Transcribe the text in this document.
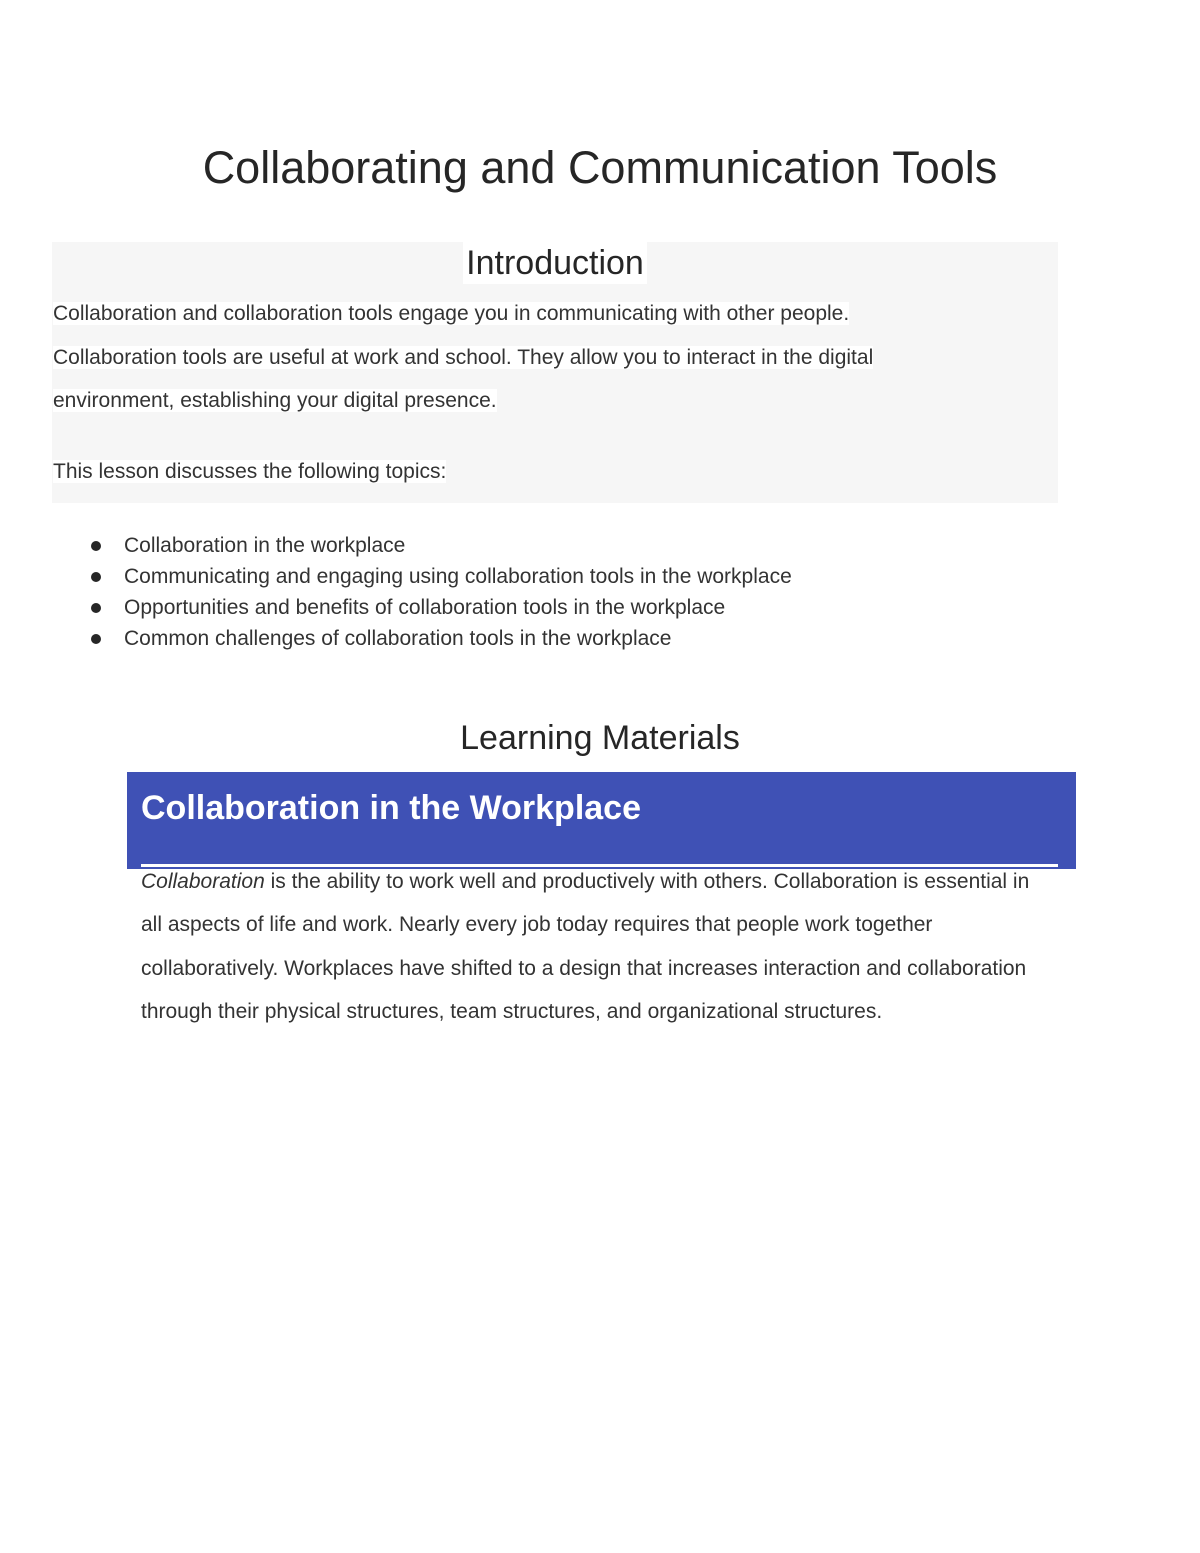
Collaborating and Communication Tools
Introduction

Collaboration and collaboration tools engage you in communicating with other people.
Collaboration tools are useful at work and school. They allow you to interact in the digital
environment, establishing your digital presence.

This lesson discusses the following topics:

Collaboration in the workplace
Communicating and engaging using collaboration tools in the workplace
Opportunities and benefits of collaboration tools in the workplace
Common challenges of collaboration tools in the workplace
Learning Materials
Collaboration in the Workplace

Collaboration is the ability to work well and productively with others. Collaboration is essential in all aspects of life and work. Nearly every job today requires that people work together collaboratively. Workplaces have shifted to a design that increases interaction and collaboration through their physical structures, team structures, and organizational structures.
